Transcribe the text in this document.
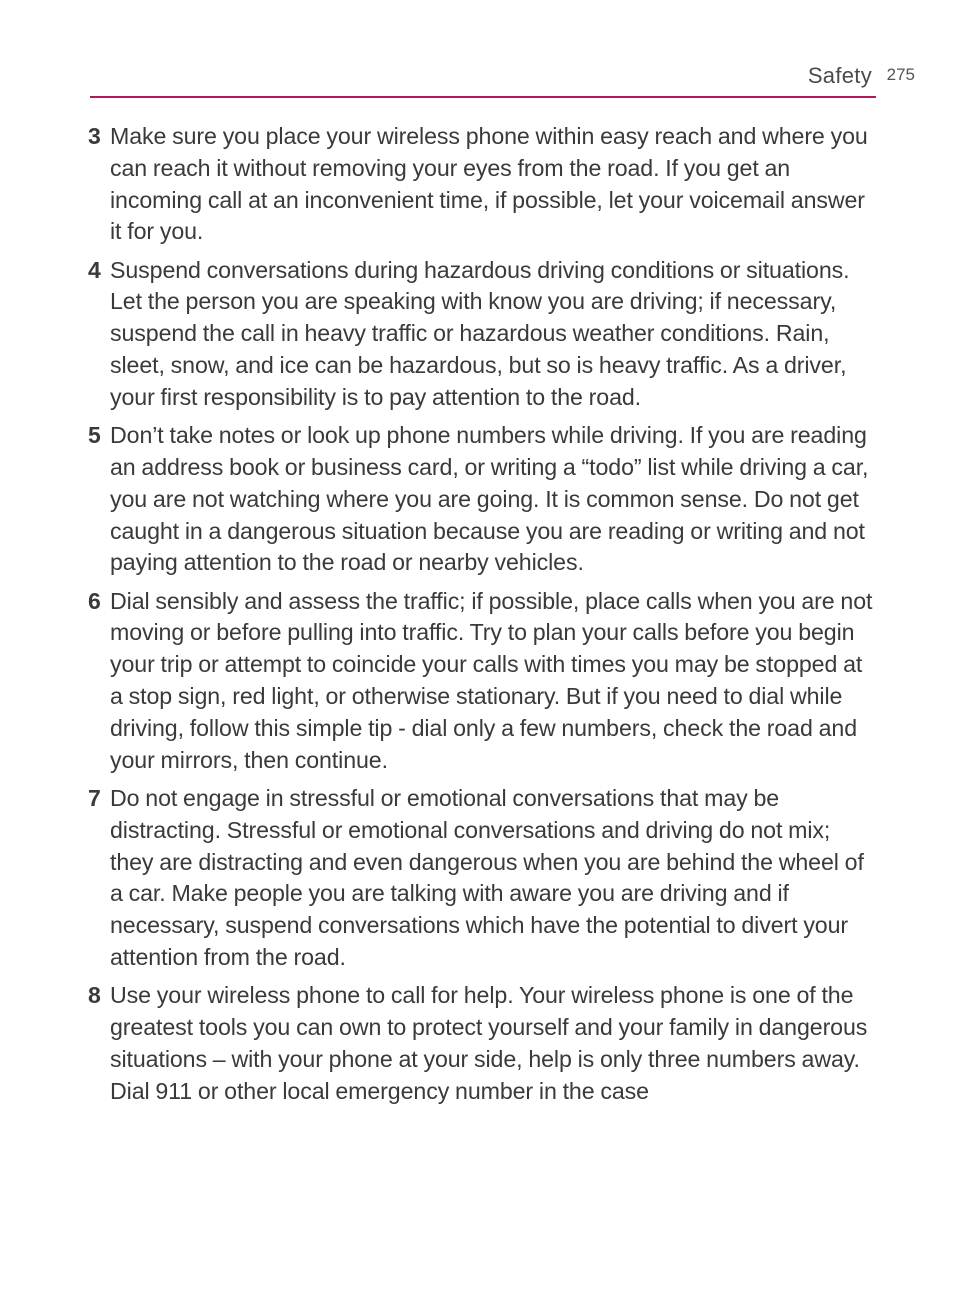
Safety 275
3 Make sure you place your wireless phone within easy reach and where you can reach it without removing your eyes from the road. If you get an incoming call at an inconvenient time, if possible, let your voicemail answer it for you.
4 Suspend conversations during hazardous driving conditions or situations. Let the person you are speaking with know you are driving; if necessary, suspend the call in heavy traffic or hazardous weather conditions. Rain, sleet, snow, and ice can be hazardous, but so is heavy traffic. As a driver, your first responsibility is to pay attention to the road.
5 Don’t take notes or look up phone numbers while driving. If you are reading an address book or business card, or writing a “todo” list while driving a car, you are not watching where you are going. It is common sense. Do not get caught in a dangerous situation because you are reading or writing and not paying attention to the road or nearby vehicles.
6 Dial sensibly and assess the traffic; if possible, place calls when you are not moving or before pulling into traffic. Try to plan your calls before you begin your trip or attempt to coincide your calls with times you may be stopped at a stop sign, red light, or otherwise stationary. But if you need to dial while driving, follow this simple tip - dial only a few numbers, check the road and your mirrors, then continue.
7 Do not engage in stressful or emotional conversations that may be distracting. Stressful or emotional conversations and driving do not mix; they are distracting and even dangerous when you are behind the wheel of a car. Make people you are talking with aware you are driving and if necessary, suspend conversations which have the potential to divert your attention from the road.
8 Use your wireless phone to call for help. Your wireless phone is one of the greatest tools you can own to protect yourself and your family in dangerous situations – with your phone at your side, help is only three numbers away. Dial 911 or other local emergency number in the case
